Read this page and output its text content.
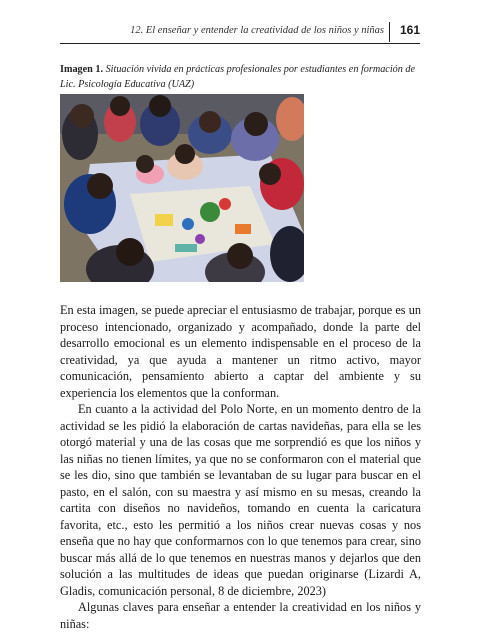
12. El enseñar y entender la creatividad de los niños y niñas 161
Imagen 1. Situación vivida en prácticas profesionales por estudiantes en formación de Lic. Psicología Educativa (UAZ)

En esta imagen, se puede apreciar el entusiasmo de trabajar, porque es un proceso intencionado, organizado y acompañado, donde la parte del desarrollo emocional es un elemento indispensable en el proceso de la creatividad, ya que ayuda a mantener un ritmo activo, mayor comunicación, pensamiento abierto a captar del ambiente y su experiencia los elementos que la conforman.

En cuanto a la actividad del Polo Norte, en un momento dentro de la actividad se les pidió la elaboración de cartas navideñas, para ella se les otorgó material y una de las cosas que me sorprendió es que los niños y las niñas no tienen límites, ya que no se conformaron con el material que se les dio, sino que también se levantaban de su lugar para buscar en el pasto, en el salón, con su maestra y así mismo en su mesas, creando la cartita con diseños no navideños, tomando en cuenta la caricatura favorita, etc., esto les permitió a los niños crear nuevas cosas y nos enseña que no hay que conformarnos con lo que tenemos para crear, sino buscar más allá de lo que tenemos en nuestras manos y dejarlos que den solución a las multitudes de ideas que puedan originarse (Lizardi A, Gladis, comunicación personal, 8 de diciembre, 2023)

Algunas claves para enseñar a entender la creatividad en los niños y niñas:
